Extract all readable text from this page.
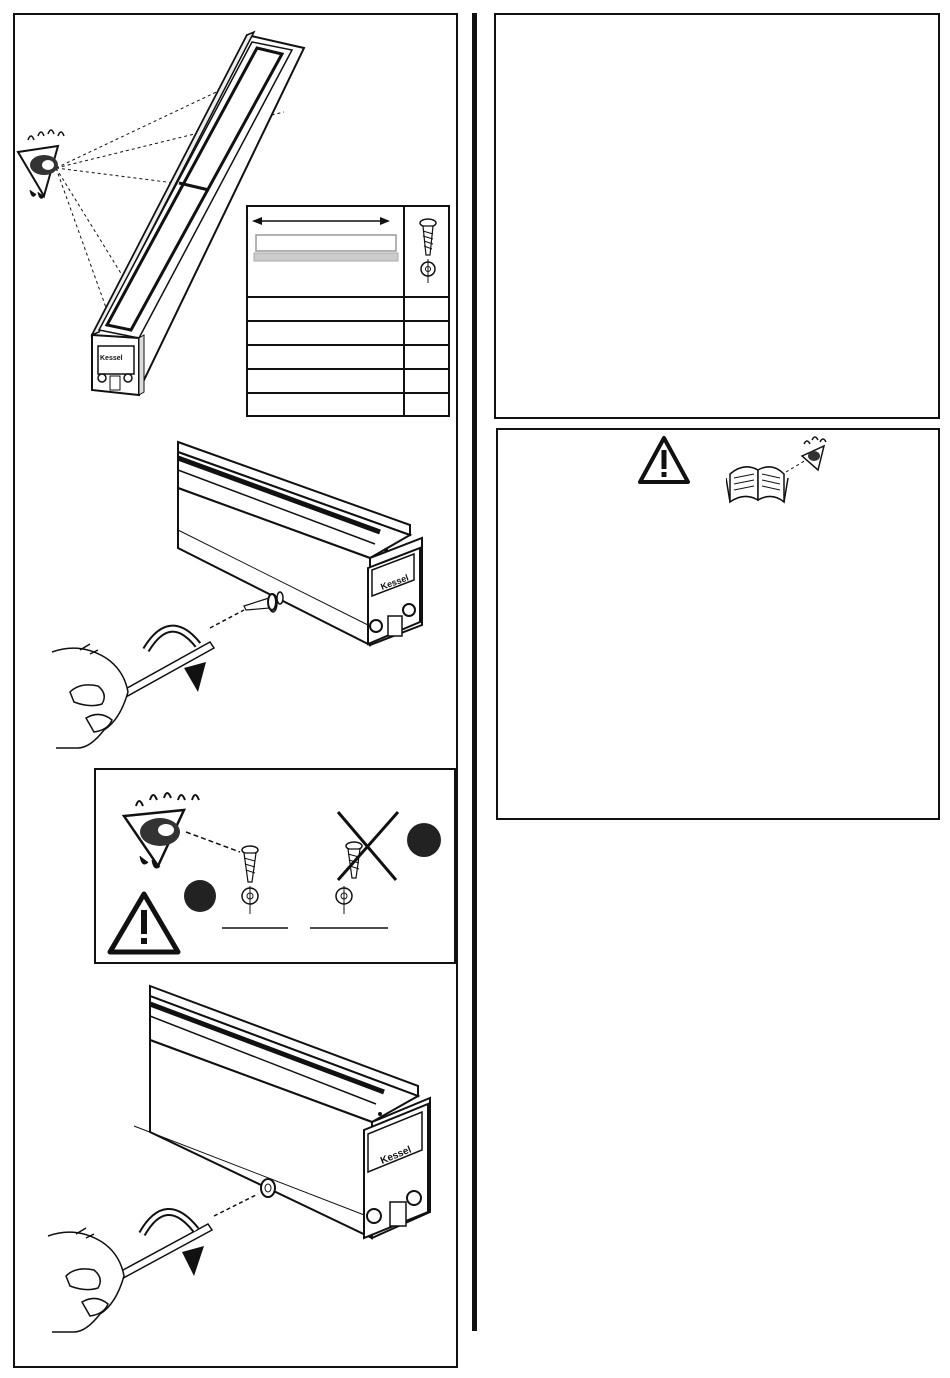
Kessel
Kessel
Kessel
